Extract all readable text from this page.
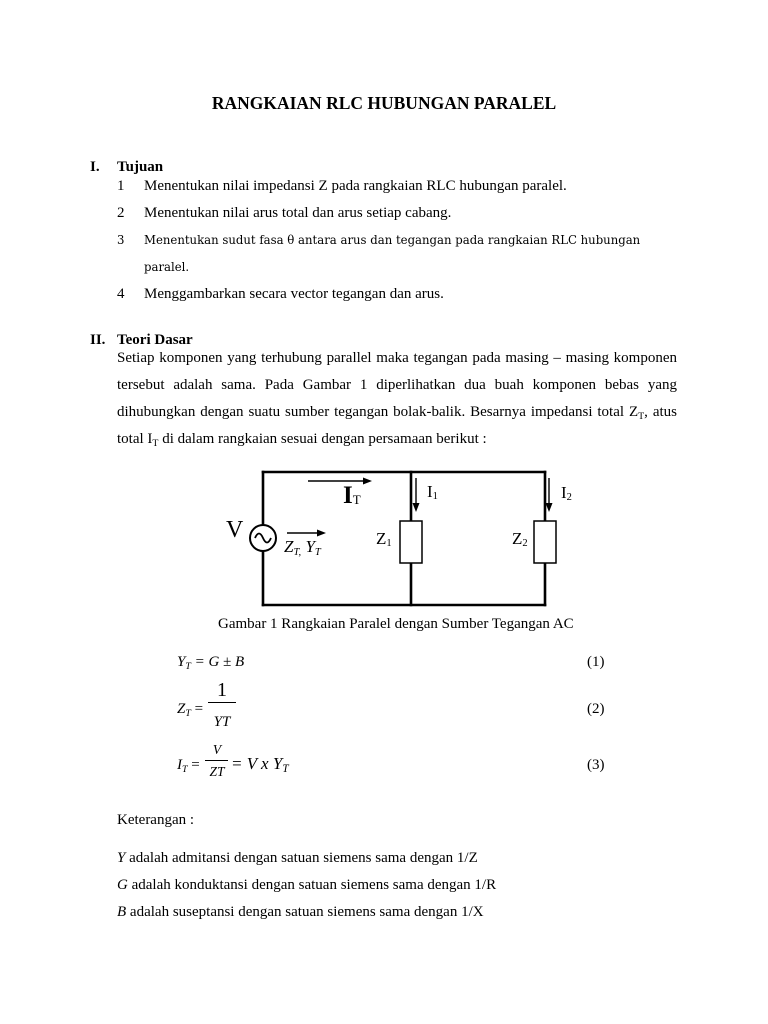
RANGKAIAN RLC HUBUNGAN PARALEL
I. Tujuan
1 Menentukan nilai impedansi Z pada rangkaian RLC hubungan paralel.
2 Menentukan nilai arus total dan arus setiap cabang.
3 Menentukan sudut fasa θ antara arus dan tegangan pada rangkaian RLC hubungan
paralel.
4 Menggambarkan secara vector tegangan dan arus.
II. Teori Dasar
Setiap komponen yang terhubung parallel maka tegangan pada masing – masing komponen
tersebut adalah sama. Pada Gambar 1 diperlihatkan dua buah komponen bebas yang
dihubungkan dengan suatu sumber tegangan bolak-balik. Besarnya impedansi total $Z_T$, atus
total $I_T$ di dalam rangkaian sesuai dengan persamaan berikut :
V
IT	I1	I2
ZT, YT
Z1	Z2
Gambar 1 Rangkaian Paralel dengan Sumber Tegangan AC
$Y_T = G \pm B$	(1)
$Z_T$ =
1
YT
(2)
$I_T$ =
V
ZT = V x $Y_T$	(3)
Keterangan :
Y adalah admitansi dengan satuan siemens sama dengan 1/Z
G adalah konduktansi dengan satuan siemens sama dengan 1/R
B adalah suseptansi dengan satuan siemens sama dengan 1/X
